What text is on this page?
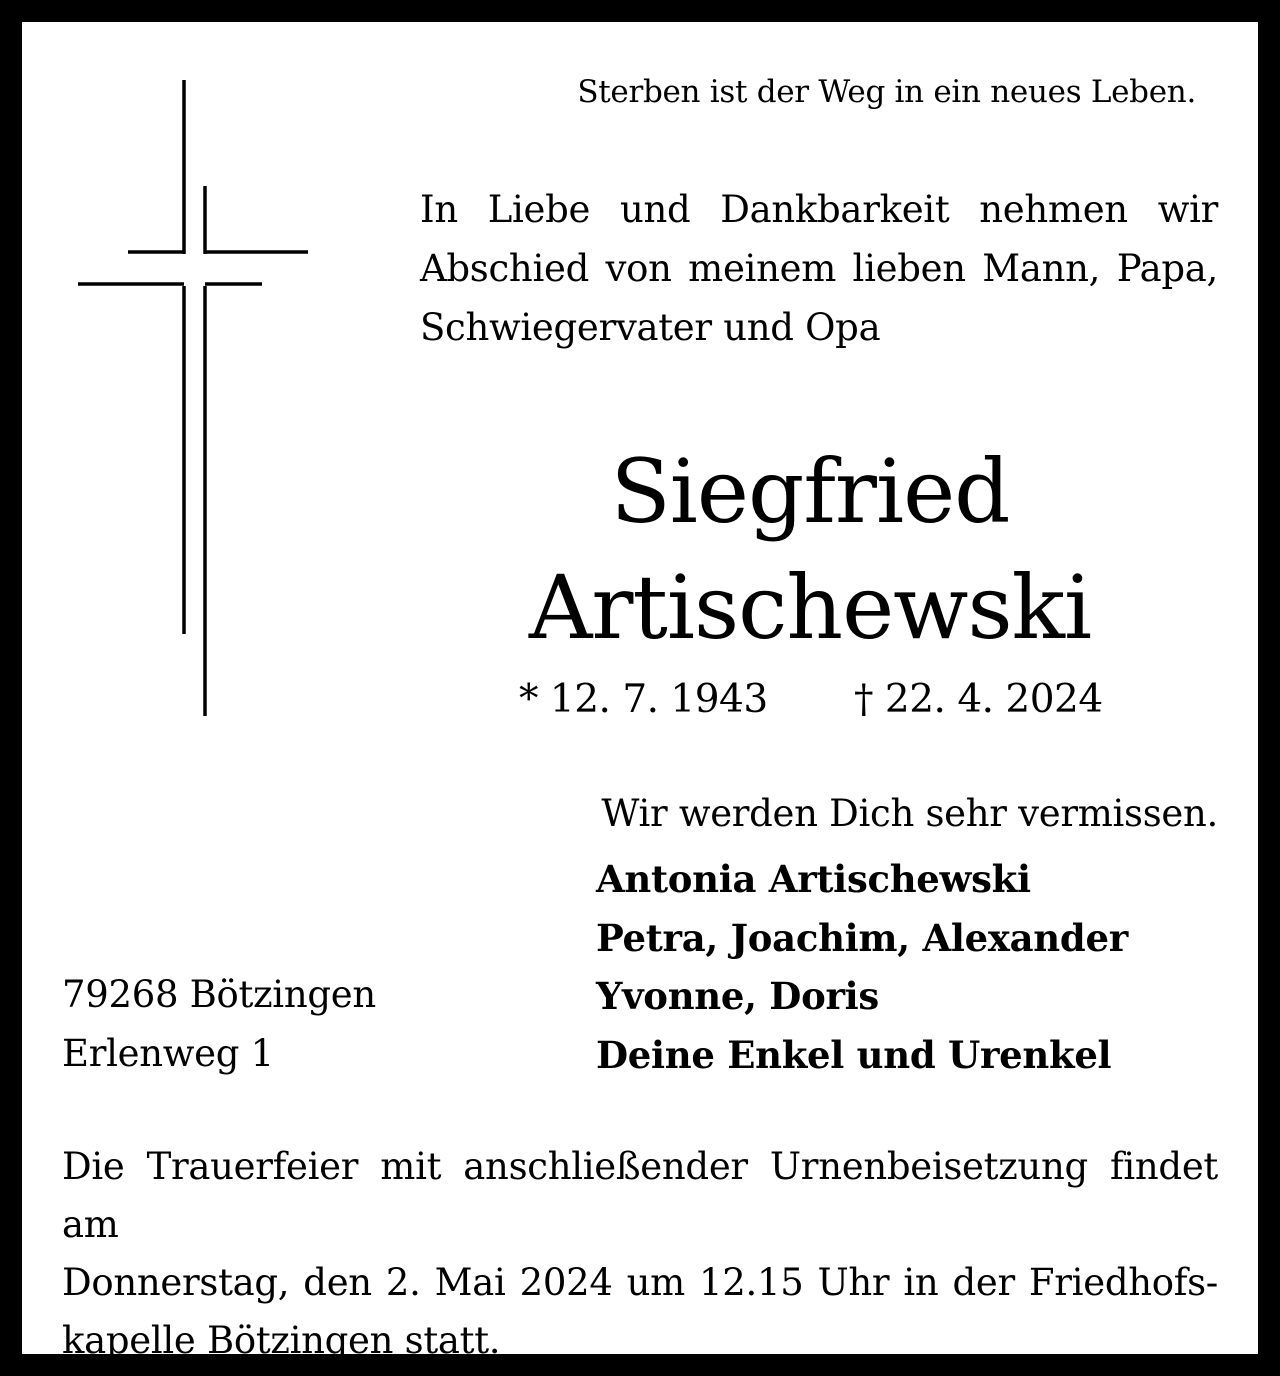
Sterben ist der Weg in ein neues Leben.
In Liebe und Dankbarkeit nehmen wir
Abschied von meinem lieben Mann, Papa,
Schwiegervater und Opa
Siegfried
Artischewski
* 12. 7. 1943 † 22. 4. 2024
Wir werden Dich sehr vermissen.
Antonia Artischewski
Petra, Joachim, Alexander
Yvonne, Doris
Deine Enkel und Urenkel
79268 Bötzingen
Erlenweg 1
Die Trauerfeier mit anschließender Urnenbeisetzung findet am
Donnerstag, den 2. Mai 2024 um 12.15 Uhr in der Friedhofs-
kapelle Bötzingen statt.
